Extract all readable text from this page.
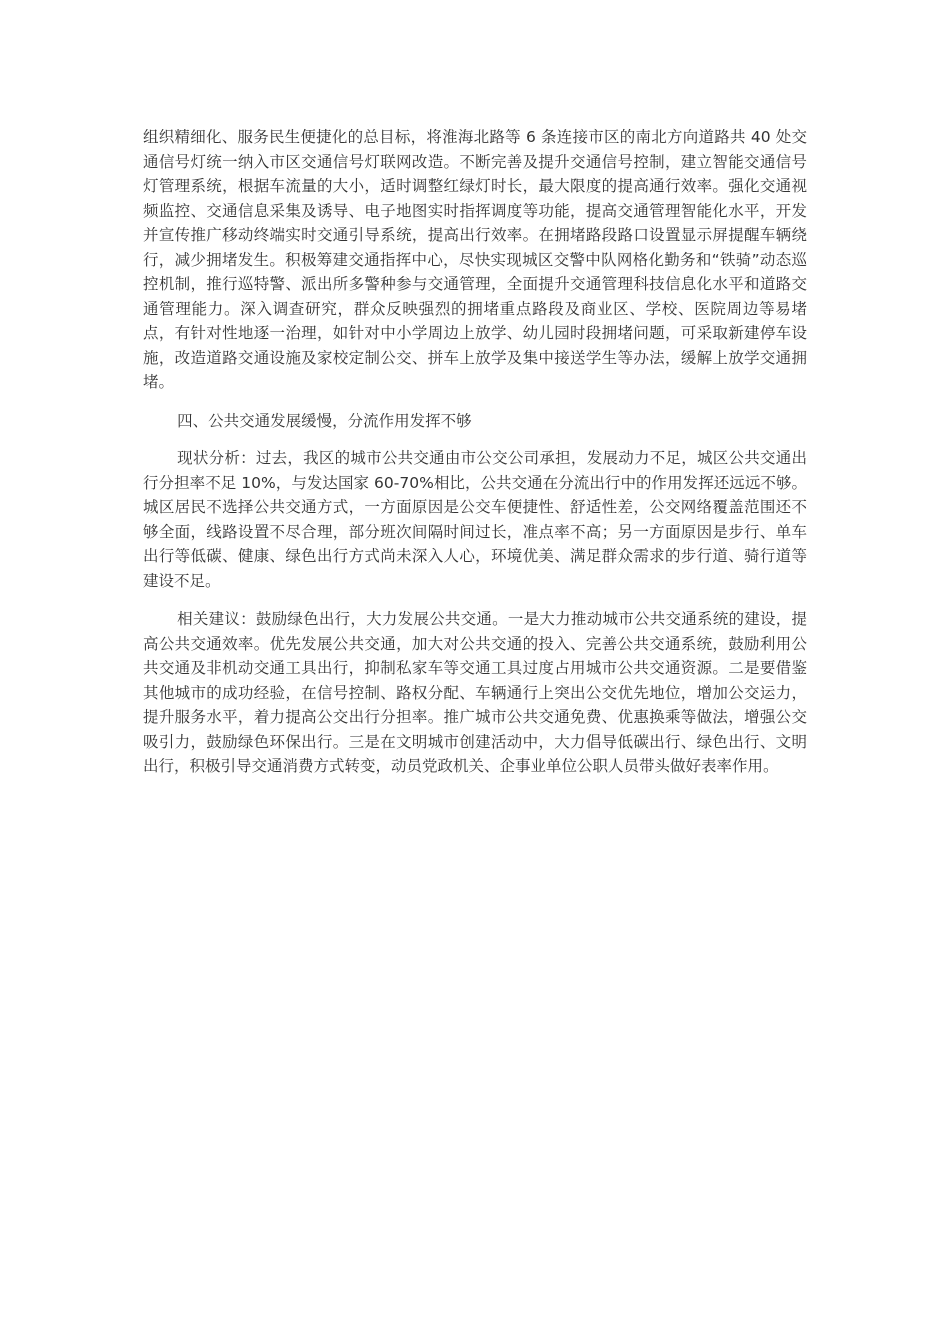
组织精细化、服务民生便捷化的总目标，将淮海北路等 6 条连接市区的南北方向道路共 40 处交通信号灯统一纳入市区交通信号灯联网改造。不断完善及提升交通信号控制，建立智能交通信号灯管理系统，根据车流量的大小，适时调整红绿灯时长，最大限度的提高通行效率。强化交通视频监控、交通信息采集及诱导、电子地图实时指挥调度等功能，提高交通管理智能化水平，开发并宣传推广移动终端实时交通引导系统，提高出行效率。在拥堵路段路口设置显示屏提醒车辆绕行，减少拥堵发生。积极筹建交通指挥中心，尽快实现城区交警中队网格化勤务和“铁骑”动态巡控机制，推行巡特警、派出所多警种参与交通管理，全面提升交通管理科技信息化水平和道路交通管理能力。深入调查研究，群众反映强烈的拥堵重点路段及商业区、学校、医院周边等易堵点，有针对性地逐一治理，如针对中小学周边上放学、幼儿园时段拥堵问题，可采取新建停车设施，改造道路交通设施及家校定制公交、拼车上放学及集中接送学生等办法，缓解上放学交通拥堵。

四、公共交通发展缓慢，分流作用发挥不够

现状分析：过去，我区的城市公共交通由市公交公司承担，发展动力不足，城区公共交通出行分担率不足 10%，与发达国家 60-70%相比，公共交通在分流出行中的作用发挥还远远不够。城区居民不选择公共交通方式，一方面原因是公交车便捷性、舒适性差，公交网络覆盖范围还不够全面，线路设置不尽合理，部分班次间隔时间过长，准点率不高；另一方面原因是步行、单车出行等低碳、健康、绿色出行方式尚未深入人心，环境优美、满足群众需求的步行道、骑行道等建设不足。

相关建议：鼓励绿色出行，大力发展公共交通。一是大力推动城市公共交通系统的建设，提高公共交通效率。优先发展公共交通，加大对公共交通的投入、完善公共交通系统，鼓励利用公共交通及非机动交通工具出行，抑制私家车等交通工具过度占用城市公共交通资源。二是要借鉴其他城市的成功经验，在信号控制、路权分配、车辆通行上突出公交优先地位，增加公交运力，提升服务水平，着力提高公交出行分担率。推广城市公共交通免费、优惠换乘等做法，增强公交吸引力，鼓励绿色环保出行。三是在文明城市创建活动中，大力倡导低碳出行、绿色出行、文明出行，积极引导交通消费方式转变，动员党政机关、企事业单位公职人员带头做好表率作用。
